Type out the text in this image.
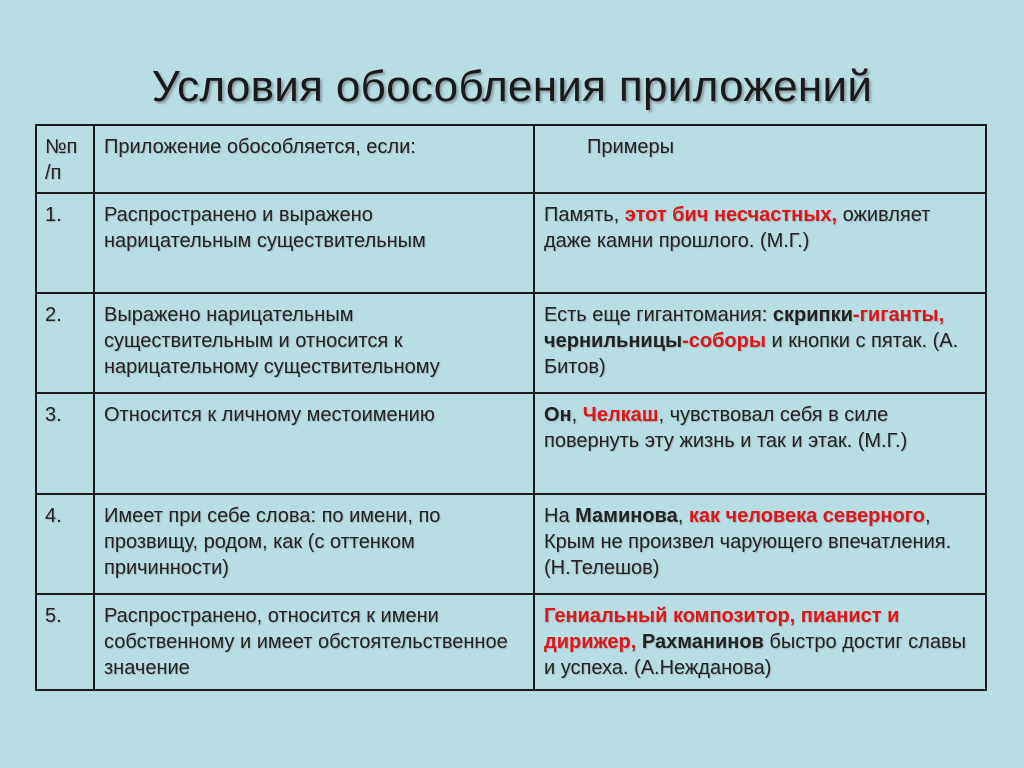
Условия обособления приложений
№п /п	Приложение обособляется, если:	Примеры
1.	Распространено и выражено нарицательным существительным	Память, этот бич несчастных, оживляет даже камни прошлого. (М.Г.)
2.	Выражено нарицательным существительным и относится к нарицательному существительному	Есть еще гигантомания: скрипки-гиганты, чернильницы-соборы и кнопки с пятак. (А. Битов)
3.	Относится к личному местоимению	Он, Челкаш, чувствовал себя в силе повернуть эту жизнь и так и этак. (М.Г.)
4.	Имеет при себе слова: по имени, по прозвищу, родом, как (с оттенком причинности)	На Маминова, как человека северного, Крым не произвел чарующего впечатления.(Н.Телешов)
5.	Распространено, относится к имени собственному и имеет обстоятельственное значение	Гениальный композитор, пианист и дирижер, Рахманинов быстро достиг славы и успеха. (А.Нежданова)
